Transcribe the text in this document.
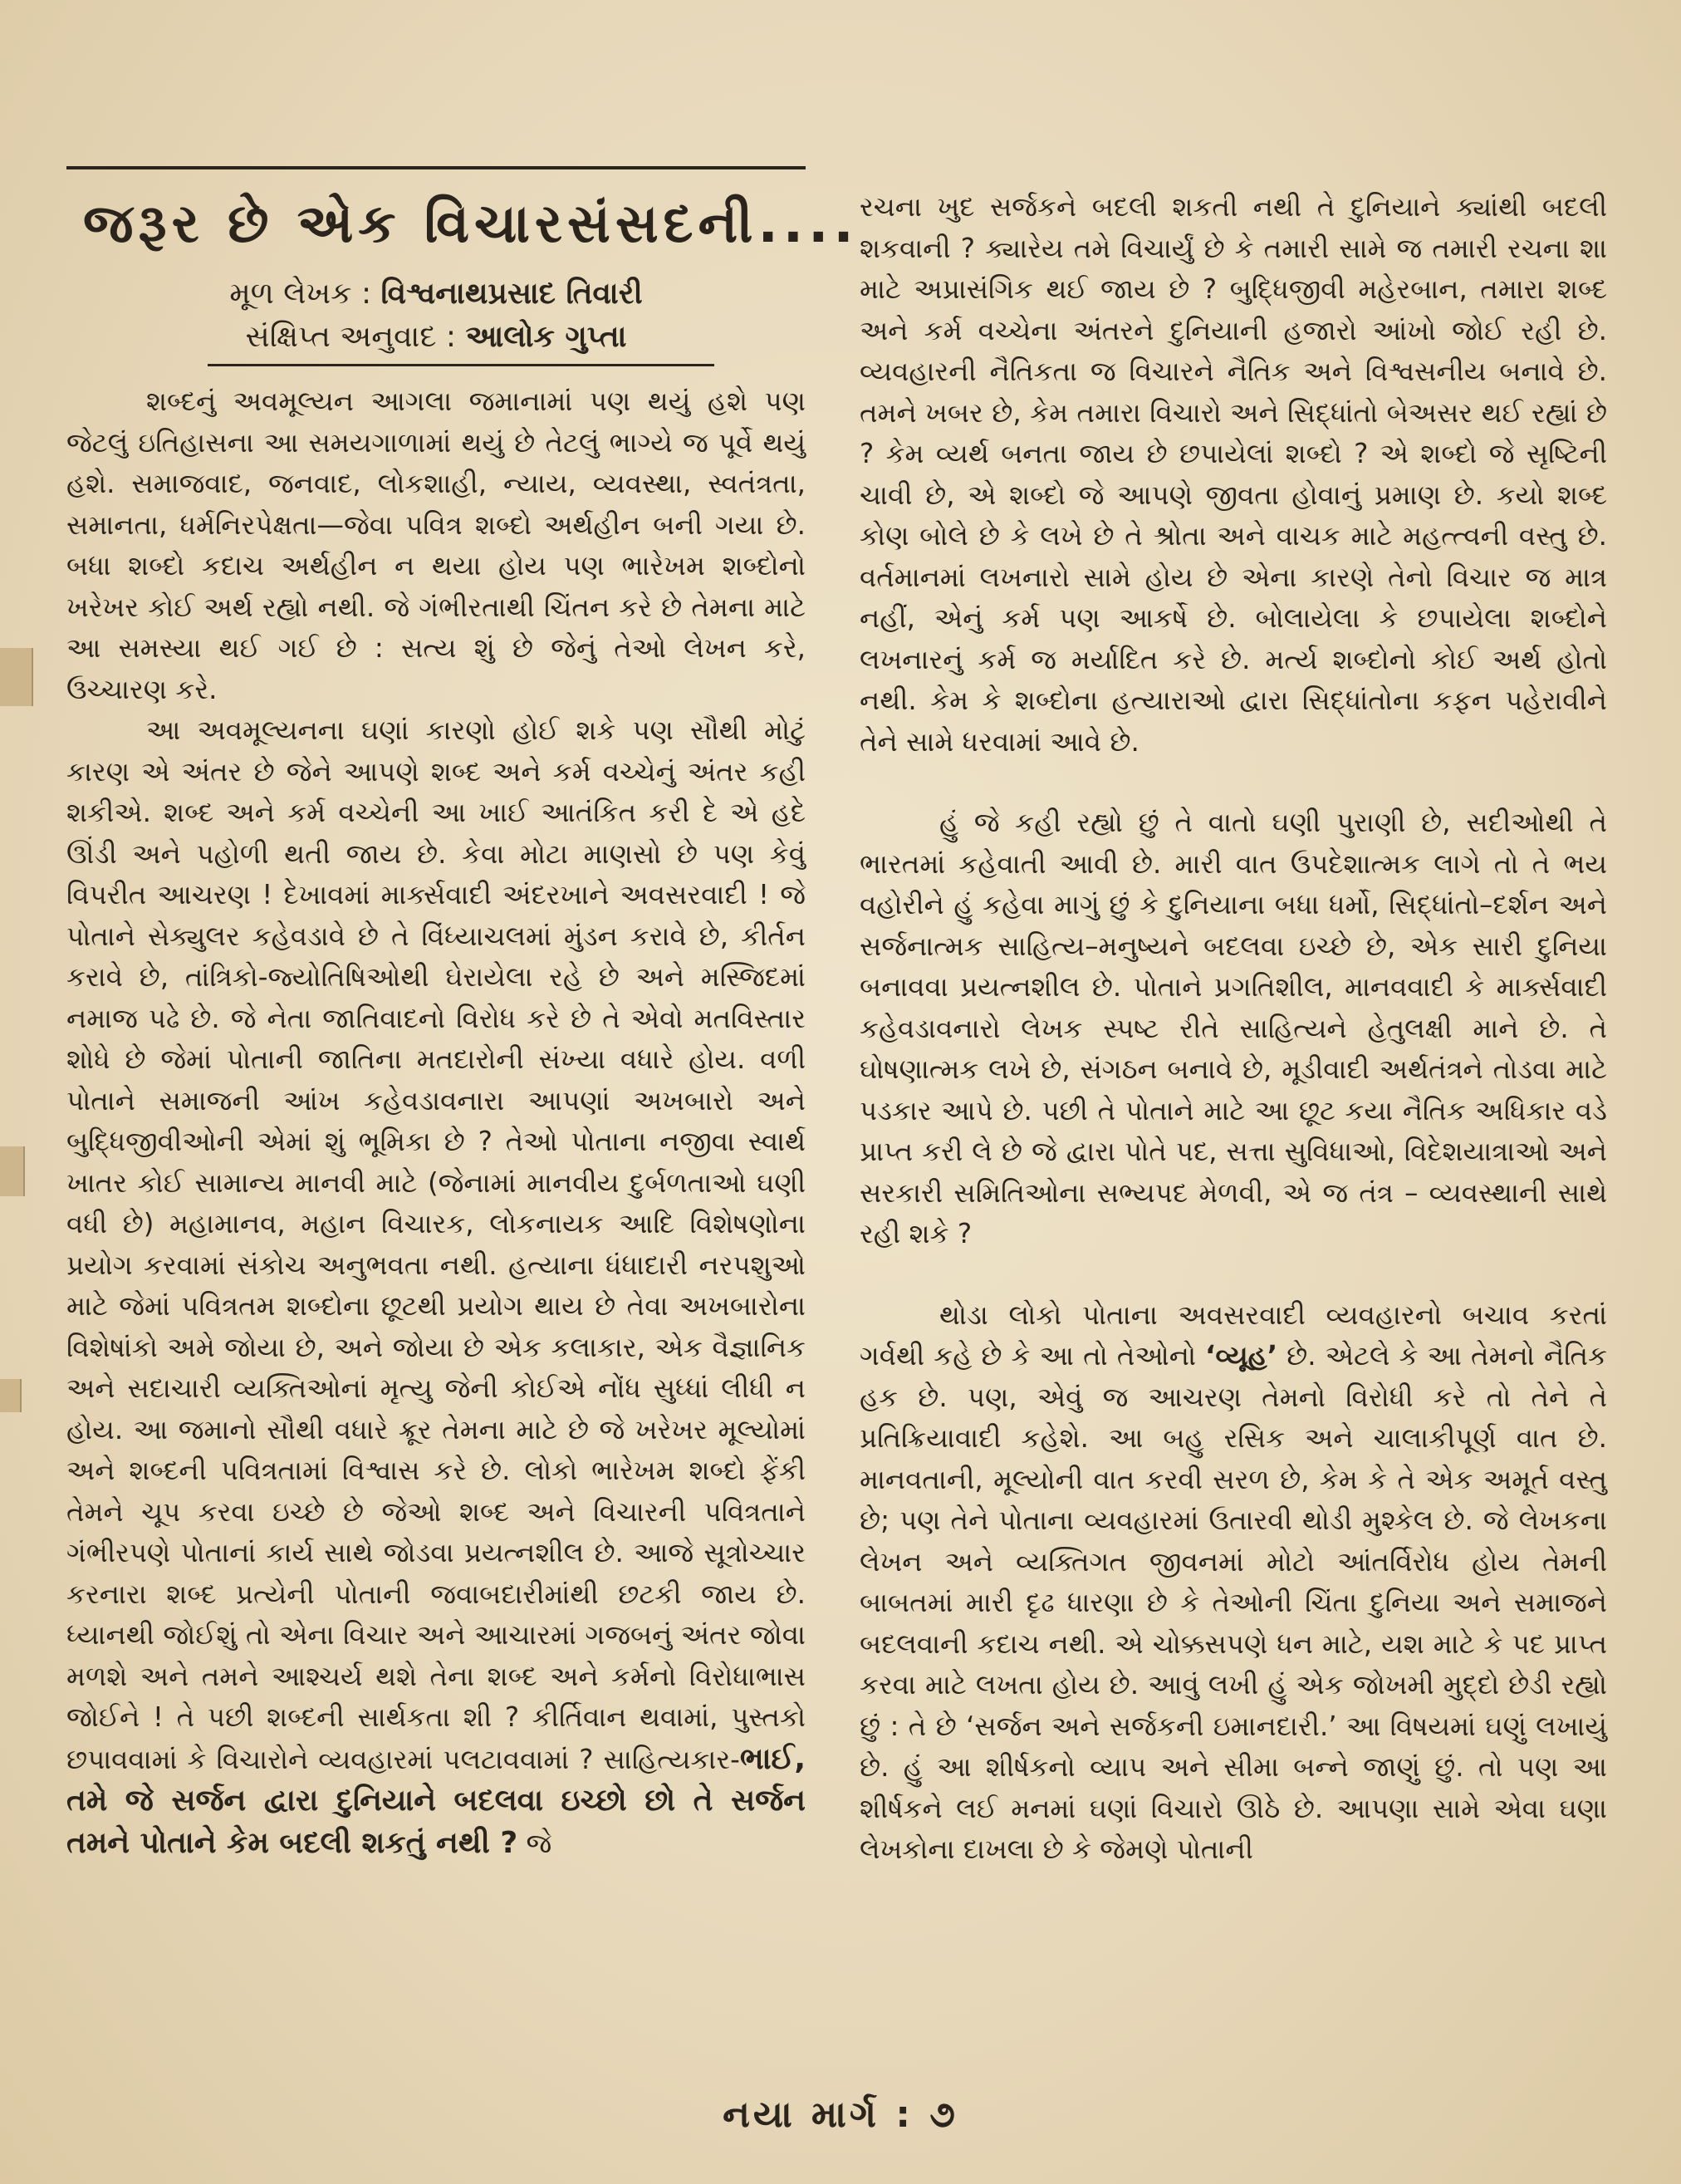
જરૂર છે એક વિચારસંસદની....
મૂળ લેખક : વિશ્વનાથપ્રસાદ તિવારી
સંક્ષિપ્ત અનુવાદ : આલોક ગુપ્તા

શબ્દનું અવમૂલ્યન આગલા જમાનામાં પણ થયું હશે પણ જેટલું ઇતિહાસના આ સમયગાળામાં થયું છે તેટલું ભાગ્યે જ પૂર્વે થયું હશે. સમાજવાદ, જનવાદ, લોકશાહી, ન્યાય, વ્યવસ્થા, સ્વતંત્રતા, સમાનતા, ધર્મનિરપેક્ષતા—જેવા પવિત્ર શબ્દો અર્થહીન બની ગયા છે. બધા શબ્દો કદાચ અર્થહીન ન થયા હોય પણ ભારેખમ શબ્દોનો ખરેખર કોઈ અર્થ રહ્યો નથી. જે ગંભીરતાથી ચિંતન કરે છે તેમના માટે આ સમસ્યા થઈ ગઈ છે : સત્ય શું છે જેનું તેઓ લેખન કરે, ઉચ્ચારણ કરે.

આ અવમૂલ્યનના ઘણાં કારણો હોઈ શકે પણ સૌથી મોટું કારણ એ અંતર છે જેને આપણે શબ્દ અને કર્મ વચ્ચેનું અંતર કહી શકીએ. શબ્દ અને કર્મ વચ્ચેની આ ખાઈ આતંકિત કરી દે એ હદે ઊંડી અને પહોળી થતી જાય છે. કેવા મોટા માણસો છે પણ કેવું વિપરીત આચરણ ! દેખાવમાં માર્ક્સવાદી અંદરખાને અવસરવાદી ! જે પોતાને સેક્યુલર કહેવડાવે છે તે વિંધ્યાચલમાં મુંડન કરાવે છે, કીર્તન કરાવે છે, તાંત્રિકો-જ્યોતિષિઓથી ઘેરાયેલા રહે છે અને મસ્જિદમાં નમાજ પઢે છે. જે નેતા જાતિવાદનો વિરોધ કરે છે તે એવો મતવિસ્તાર શોધે છે જેમાં પોતાની જાતિના મતદારોની સંખ્યા વધારે હોય. વળી પોતાને સમાજની આંખ કહેવડાવનારા આપણાં અખબારો અને બુદ્ધિજીવીઓની એમાં શું ભૂમિકા છે ? તેઓ પોતાના નજીવા સ્વાર્થ ખાતર કોઈ સામાન્ય માનવી માટે (જેનામાં માનવીય દુર્બળતાઓ ઘણી વધી છે) મહામાનવ, મહાન વિચારક, લોકનાયક આદિ વિશેષણોના પ્રયોગ કરવામાં સંકોચ અનુભવતા નથી. હત્યાના ધંધાદારી નરપશુઓ માટે જેમાં પવિત્રતમ શબ્દોના છૂટથી પ્રયોગ થાય છે તેવા અખબારોના વિશેષાંકો અમે જોયા છે, અને જોયા છે એક કલાકાર, એક વૈજ્ઞાનિક અને સદાચારી વ્યક્તિઓનાં મૃત્યુ જેની કોઈએ નોંધ સુધ્ધાં લીધી ન હોય. આ જમાનો સૌથી વધારે ક્રૂર તેમના માટે છે જે ખરેખર મૂલ્યોમાં અને શબ્દની પવિત્રતામાં વિશ્વાસ કરે છે. લોકો ભારેખમ શબ્દો ફેંકી તેમને ચૂપ કરવા ઇચ્છે છે જેઓ શબ્દ અને વિચારની પવિત્રતાને ગંભીરપણે પોતાનાં કાર્ય સાથે જોડવા પ્રયત્નશીલ છે. આજે સૂત્રોચ્ચાર કરનારા શબ્દ પ્રત્યેની પોતાની જવાબદારીમાંથી છટકી જાય છે. ધ્યાનથી જોઈશું તો એના વિચાર અને આચારમાં ગજબનું અંતર જોવા મળશે અને તમને આશ્ચર્ય થશે તેના શબ્દ અને કર્મનો વિરોધાભાસ જોઈને ! તે પછી શબ્દની સાર્થકતા શી ? કીર્તિવાન થવામાં, પુસ્તકો છપાવવામાં કે વિચારોને વ્યવહારમાં પલટાવવામાં ? સાહિત્યકાર-ભાઈ, તમે જે સર્જન દ્વારા દુનિયાને બદલવા ઇચ્છો છો તે સર્જન તમને પોતાને કેમ બદલી શકતું નથી ? જે

રચના ખુદ સર્જકને બદલી શકતી નથી તે દુનિયાને ક્યાંથી બદલી શકવાની ? ક્યારેય તમે વિચાર્યું છે કે તમારી સામે જ તમારી રચના શા માટે અપ્રાસંગિક થઈ જાય છે ? બુદ્ધિજીવી મહેરબાન, તમારા શબ્દ અને કર્મ વચ્ચેના અંતરને દુનિયાની હજારો આંખો જોઈ રહી છે. વ્યવહારની નૈતિકતા જ વિચારને નૈતિક અને વિશ્વસનીય બનાવે છે. તમને ખબર છે, કેમ તમારા વિચારો અને સિદ્ધાંતો બેઅસર થઈ રહ્યાં છે ? કેમ વ્યર્થ બનતા જાય છે છપાયેલાં શબ્દો ? એ શબ્દો જે સૃષ્ટિની ચાવી છે, એ શબ્દો જે આપણે જીવતા હોવાનું પ્રમાણ છે. કયો શબ્દ કોણ બોલે છે કે લખે છે તે શ્રોતા અને વાચક માટે મહત્ત્વની વસ્તુ છે. વર્તમાનમાં લખનારો સામે હોય છે એના કારણે તેનો વિચાર જ માત્ર નહીં, એનું કર્મ પણ આકર્ષે છે. બોલાયેલા કે છપાયેલા શબ્દોને લખનારનું કર્મ જ મર્યાદિત કરે છે. મર્ત્ય શબ્દોનો કોઈ અર્થ હોતો નથી. કેમ કે શબ્દોના હત્યારાઓ દ્વારા સિદ્ધાંતોના કફન પહેરાવીને તેને સામે ધરવામાં આવે છે.

હું જે કહી રહ્યો છું તે વાતો ઘણી પુરાણી છે, સદીઓથી તે ભારતમાં કહેવાતી આવી છે. મારી વાત ઉપદેશાત્મક લાગે તો તે ભય વહોરીને હું કહેવા માગું છું કે દુનિયાના બધા ધર્મો, સિદ્ધાંતો–દર્શન અને સર્જનાત્મક સાહિત્ય–મનુષ્યને બદલવા ઇચ્છે છે, એક સારી દુનિયા બનાવવા પ્રયત્નશીલ છે. પોતાને પ્રગતિશીલ, માનવવાદી કે માર્ક્સવાદી કહેવડાવનારો લેખક સ્પષ્ટ રીતે સાહિત્યને હેતુલક્ષી માને છે. તે ઘોષણાત્મક લખે છે, સંગઠન બનાવે છે, મૂડીવાદી અર્થતંત્રને તોડવા માટે પડકાર આપે છે. પછી તે પોતાને માટે આ છૂટ કયા નૈતિક અધિકાર વડે પ્રાપ્ત કરી લે છે જે દ્વારા પોતે પદ, સત્તા સુવિધાઓ, વિદેશયાત્રાઓ અને સરકારી સમિતિઓના સભ્યપદ મેળવી, એ જ તંત્ર – વ્યવસ્થાની સાથે રહી શકે ?

થોડા લોકો પોતાના અવસરવાદી વ્યવહારનો બચાવ કરતાં ગર્વથી કહે છે કે આ તો તેઓનો ‘વ્યૂહ’ છે. એટલે કે આ તેમનો નૈતિક હક છે. પણ, એવું જ આચરણ તેમનો વિરોધી કરે તો તેને તે પ્રતિક્રિયાવાદી કહેશે. આ બહુ રસિક અને ચાલાકીપૂર્ણ વાત છે. માનવતાની, મૂલ્યોની વાત કરવી સરળ છે, કેમ કે તે એક અમૂર્ત વસ્તુ છે; પણ તેને પોતાના વ્યવહારમાં ઉતારવી થોડી મુશ્કેલ છે. જે લેખકના લેખન અને વ્યક્તિગત જીવનમાં મોટો આંતર્વિરોધ હોય તેમની બાબતમાં મારી દૃઢ ધારણા છે કે તેઓની ચિંતા દુનિયા અને સમાજને બદલવાની કદાચ નથી. એ ચોક્કસપણે ધન માટે, યશ માટે કે પદ પ્રાપ્ત કરવા માટે લખતા હોય છે. આવું લખી હું એક જોખમી મુદ્દો છેડી રહ્યો છું : તે છે ‘સર્જન અને સર્જકની ઇમાનદારી.’ આ વિષયમાં ઘણું લખાયું છે. હું આ શીર્ષકનો વ્યાપ અને સીમા બન્ને જાણું છું. તો પણ આ શીર્ષકને લઈ મનમાં ઘણાં વિચારો ઊઠે છે. આપણા સામે એવા ઘણા લેખકોના દાખલા છે કે જેમણે પોતાની

નયા માર્ગ : ૭
